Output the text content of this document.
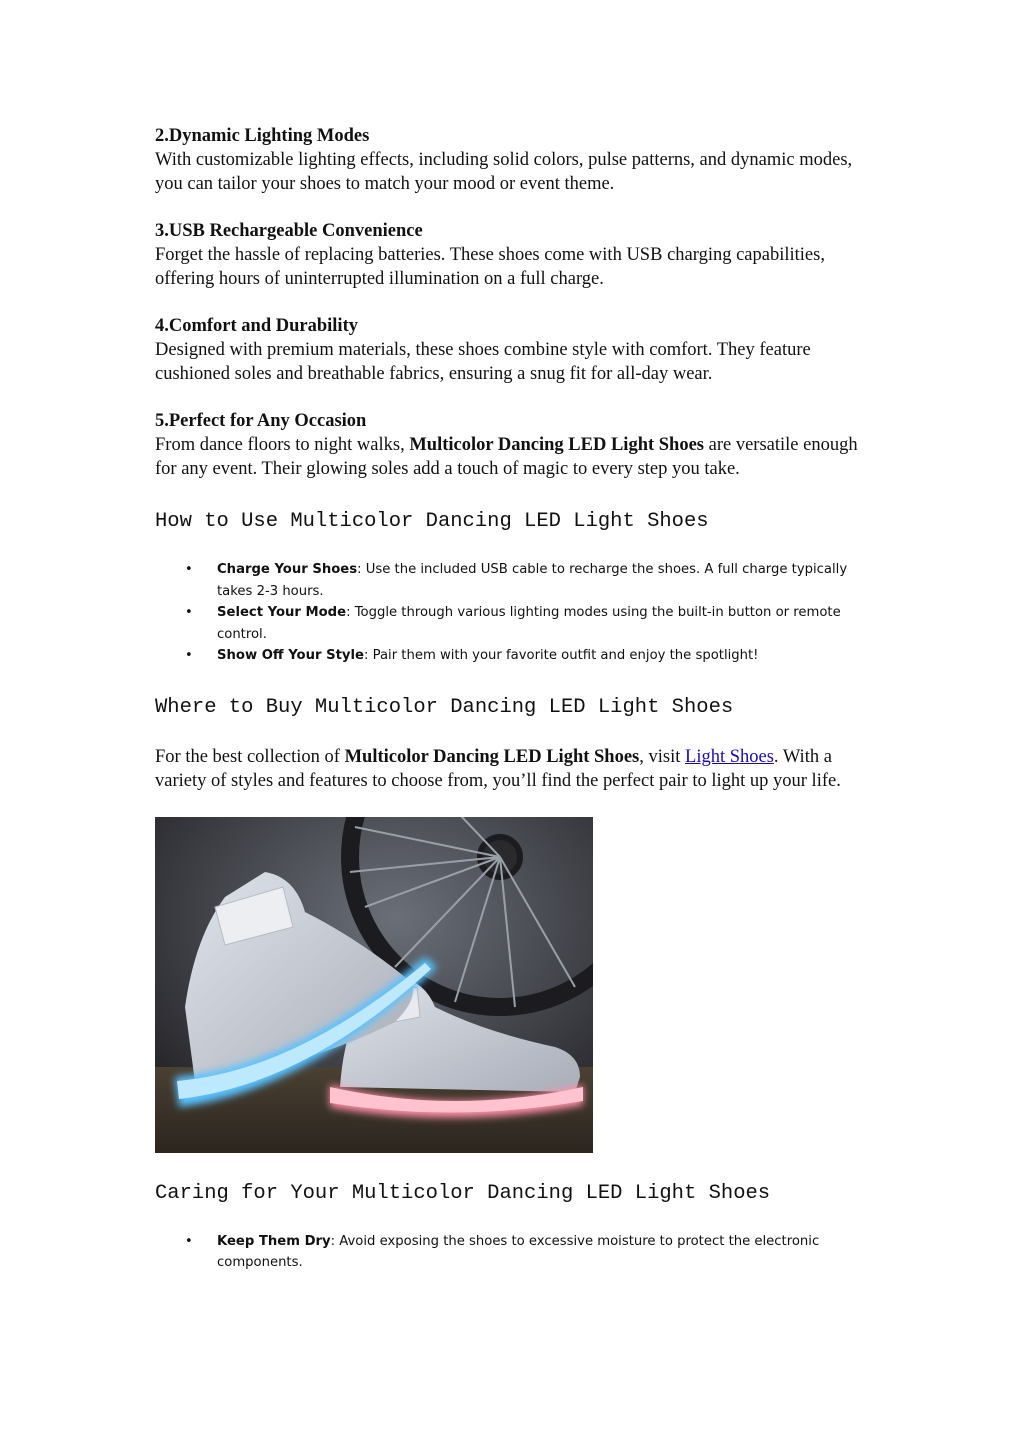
2.Dynamic Lighting Modes

With customizable lighting effects, including solid colors, pulse patterns, and dynamic modes, you can tailor your shoes to match your mood or event theme.

3.USB Rechargeable Convenience

Forget the hassle of replacing batteries. These shoes come with USB charging capabilities, offering hours of uninterrupted illumination on a full charge.

4.Comfort and Durability

Designed with premium materials, these shoes combine style with comfort. They feature cushioned soles and breathable fabrics, ensuring a snug fit for all-day wear.

5.Perfect for Any Occasion

From dance floors to night walks, Multicolor Dancing LED Light Shoes are versatile enough for any event. Their glowing soles add a touch of magic to every step you take.

How to Use Multicolor Dancing LED Light Shoes
• Charge Your Shoes: Use the included USB cable to recharge the shoes. A full charge typically takes 2-3 hours.
• Select Your Mode: Toggle through various lighting modes using the built-in button or remote control.
• Show Off Your Style: Pair them with your favorite outfit and enjoy the spotlight!
Where to Buy Multicolor Dancing LED Light Shoes

For the best collection of Multicolor Dancing LED Light Shoes, visit Light Shoes. With a variety of styles and features to choose from, you’ll find the perfect pair to light up your life.

Caring for Your Multicolor Dancing LED Light Shoes
• Keep Them Dry: Avoid exposing the shoes to excessive moisture to protect the electronic components.
